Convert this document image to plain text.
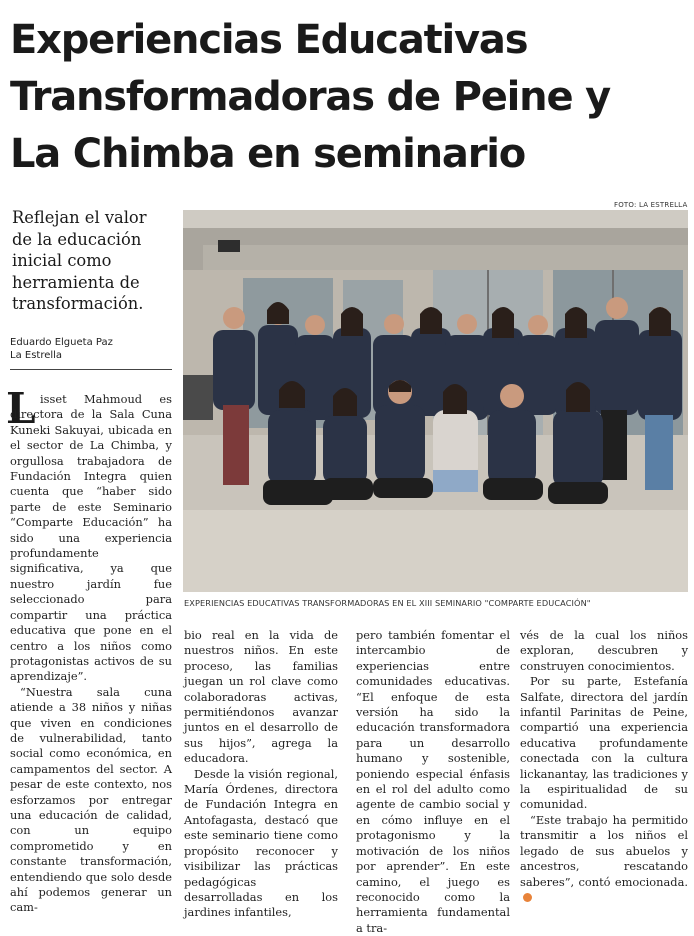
Experiencias Educativas
Transformadoras de Peine y
La Chimba en seminario
FOTO: LA ESTRELLA
Reflejan el valor
de la educación
inicial como
herramienta de
transformación.
Eduardo Elgueta Paz
La Estrella
EXPERIENCIAS EDUCATIVAS TRANSFORMADORAS EN EL XIII SEMINARIO "COMPARTE EDUCACIÓN"
L isset Mahmoud es directora de la Sala Cuna Kuneki Sakuyai, ubicada en el sector de La Chimba, y orgullosa trabajadora de Fundación Integra quien cuenta que “haber sido parte de este Seminario “Comparte Educación” ha sido una experiencia profundamente significativa, ya que nuestro jardín fue seleccionado para compartir una práctica educativa que pone en el centro a los niños como protagonistas activos de su aprendizaje”.

“Nuestra sala cuna atiende a 38 niños y niñas que viven en condiciones de vulnerabilidad, tanto social como económica, en campamentos del sector. A pesar de este contexto, nos esforzamos por entregar una educación de calidad, con un equipo comprometido y en constante transformación, entendiendo que solo desde ahí podemos generar un cam-

bio real en la vida de nuestros niños. En este proceso, las familias juegan un rol clave como colaboradoras activas, permitiéndonos avanzar juntos en el desarrollo de sus hijos”, agrega la educadora.

Desde la visión regional, María Órdenes, directora de Fundación Integra en Antofagasta, destacó que este seminario tiene como propósito reconocer y visibilizar las prácticas pedagógicas desarrolladas en los jardines infantiles,

pero también fomentar el intercambio de experiencias entre comunidades educativas. “El enfoque de esta versión ha sido la educación transformadora para un desarrollo humano y sostenible, poniendo especial énfasis en el rol del adulto como agente de cambio social y en cómo influye en el protagonismo y la motivación de los niños por aprender”. En este camino, el juego es reconocido como la herramienta fundamental a tra-

vés de la cual los niños exploran, descubren y construyen conocimientos.

Por su parte, Estefanía Salfate, directora del jardín infantil Parinitas de Peine, compartió una experiencia educativa profundamente conectada con la cultura lickanantay, las tradiciones y la espiritualidad de su comunidad.

“Este trabajo ha permitido transmitir a los niños el legado de sus abuelos y ancestros, rescatando saberes”, contó emocionada.
